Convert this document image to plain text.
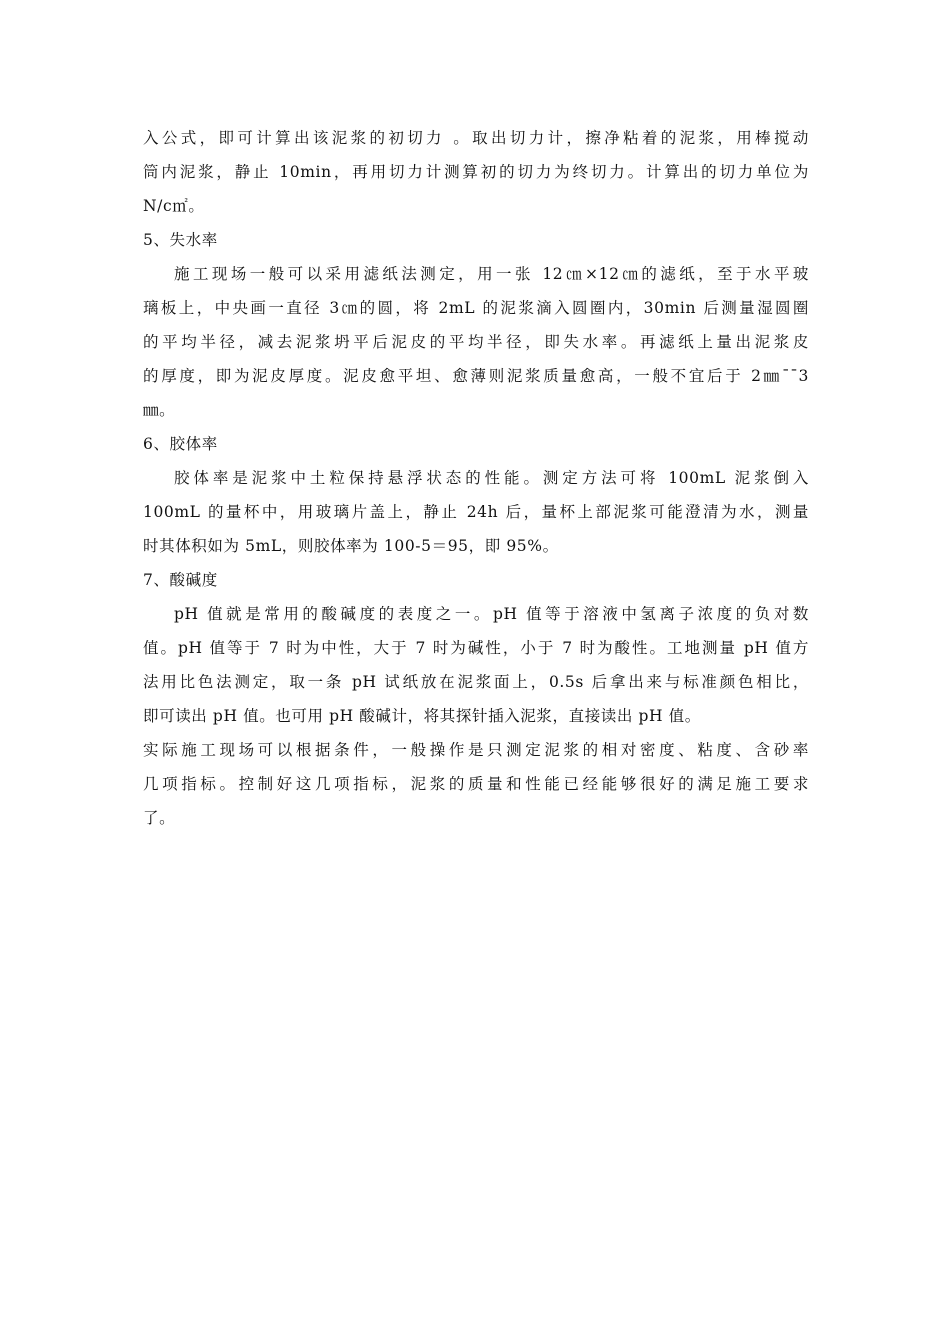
入公式，即可计算出该泥浆的初切力 。取出切力计，擦净粘着的泥浆，用棒搅动
筒内泥浆，静止 10min，再用切力计测算初的切力为终切力。计算出的切力单位为
N/c㎡。
5、失水率
施工现场一般可以采用滤纸法测定，用一张 12㎝×12㎝的滤纸，至于水平玻
璃板上，中央画一直径 3㎝的圆，将 2mL 的泥浆滴入圆圈内，30min 后测量湿圆圈
的平均半径，减去泥浆坍平后泥皮的平均半径，即失水率。再滤纸上量出泥浆皮
的厚度，即为泥皮厚度。泥皮愈平坦、愈薄则泥浆质量愈高，一般不宜后于 2㎜¯¯3
㎜。
6、胶体率
胶体率是泥浆中土粒保持悬浮状态的性能。测定方法可将 100mL 泥浆倒入
100mL 的量杯中，用玻璃片盖上，静止 24h 后，量杯上部泥浆可能澄清为水，测量
时其体积如为 5mL，则胶体率为 100-5＝95，即 95%。
7、酸碱度
pH 值就是常用的酸碱度的表度之一。pH 值等于溶液中氢离子浓度的负对数
值。pH 值等于 7 时为中性，大于 7 时为碱性，小于 7 时为酸性。工地测量 pH 值方
法用比色法测定，取一条 pH 试纸放在泥浆面上，0.5s 后拿出来与标准颜色相比，
即可读出 pH 值。也可用 pH 酸碱计，将其探针插入泥浆，直接读出 pH 值。
实际施工现场可以根据条件，一般操作是只测定泥浆的相对密度、粘度、含砂率
几项指标。控制好这几项指标，泥浆的质量和性能已经能够很好的满足施工要求
了。
